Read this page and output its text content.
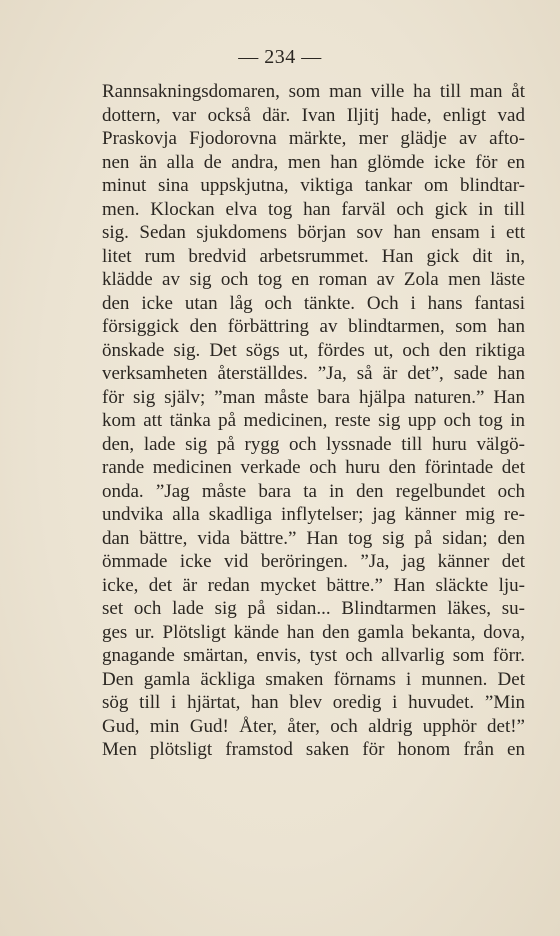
— 234 —
Rannsakningsdomaren, som man ville ha till man åt
dottern, var också där. Ivan Iljitj hade, enligt vad
Praskovja Fjodorovna märkte, mer glädje av afto-
nen än alla de andra, men han glömde icke för en
minut sina uppskjutna, viktiga tankar om blindtar-
men. Klockan elva tog han farväl och gick in till
sig. Sedan sjukdomens början sov han ensam i ett
litet rum bredvid arbetsrummet. Han gick dit in,
klädde av sig och tog en roman av Zola men läste
den icke utan låg och tänkte. Och i hans fantasi
försiggick den förbättring av blindtarmen, som han
önskade sig. Det sögs ut, fördes ut, och den riktiga
verksamheten återställdes. ”Ja, så är det”, sade han
för sig själv; ”man måste bara hjälpa naturen.” Han
kom att tänka på medicinen, reste sig upp och tog in
den, lade sig på rygg och lyssnade till huru välgö-
rande medicinen verkade och huru den förintade det
onda. ”Jag måste bara ta in den regelbundet och
undvika alla skadliga inflytelser; jag känner mig re-
dan bättre, vida bättre.” Han tog sig på sidan; den
ömmade icke vid beröringen. ”Ja, jag känner det
icke, det är redan mycket bättre.” Han släckte lju-
set och lade sig på sidan... Blindtarmen läkes, su-
ges ur. Plötsligt kände han den gamla bekanta, dova,
gnagande smärtan, envis, tyst och allvarlig som förr.
Den gamla äckliga smaken förnams i munnen. Det
sög till i hjärtat, han blev oredig i huvudet. ”Min
Gud, min Gud! Åter, åter, och aldrig upphör det!”
Men plötsligt framstod saken för honom från en
